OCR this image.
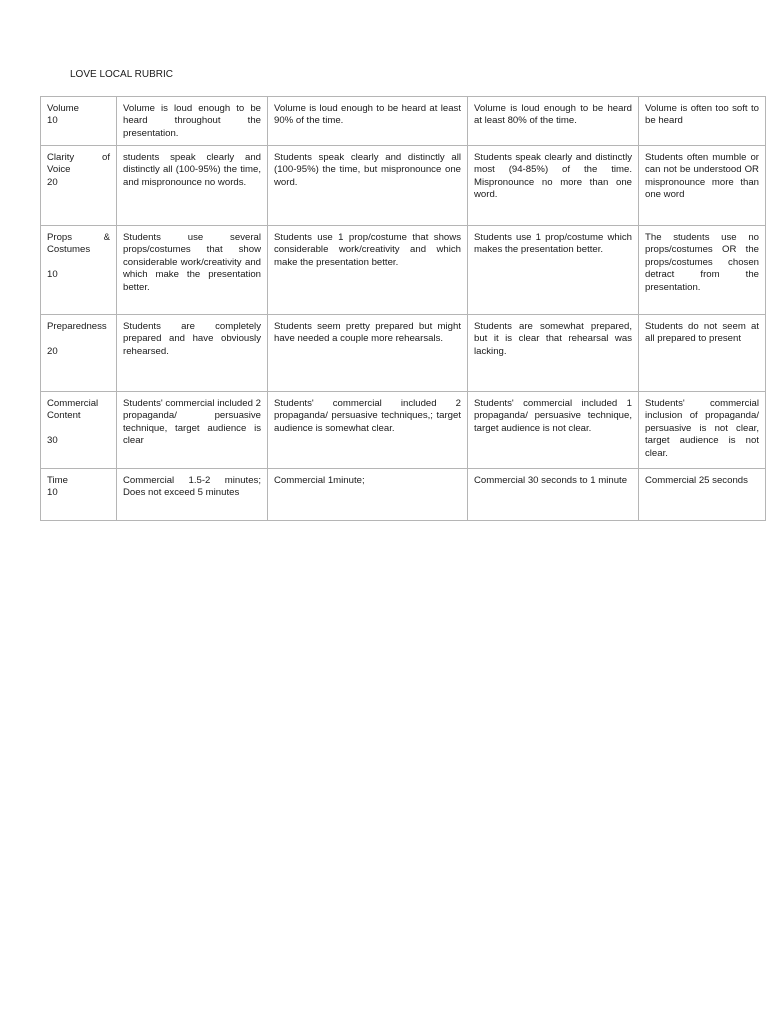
LOVE LOCAL RUBRIC
Volume
10	Volume is loud enough to be heard throughout the presentation.	Volume is loud enough to be heard at least 90% of the time.	Volume is loud enough to be heard at least 80% of the time.	Volume is often too soft to be heard

Clarity of Voice
20	students speak clearly and distinctly all (100-95%) the time, and mispronounce no words.	Students speak clearly and distinctly all (100-95%) the time, but mispronounce one word.	Students speak clearly and distinctly most (94-85%) of the time. Mispronounce no more than one word.	Students often mumble or can not be understood OR mispronounce more than one word

Props & Costumes
10	Students use several props/costumes that show considerable work/creativity and which make the presentation better.	Students use 1 prop/costume that shows considerable work/creativity and which make the presentation better.	Students use 1 prop/costume which makes the presentation better.	The students use no props/costumes OR the props/costumes chosen detract from the presentation.

Preparedness
20	Students are completely prepared and have obviously rehearsed.	Students seem pretty prepared but might have needed a couple more rehearsals.	Students are somewhat prepared, but it is clear that rehearsal was lacking.	Students do not seem at all prepared to present

Commercial Content
30	Students' commercial included 2 propaganda/ persuasive technique, target audience is clear	Students' commercial included 2 propaganda/ persuasive techniques,; target audience is somewhat clear.	Students' commercial included 1 propaganda/ persuasive technique, target audience is not clear.	Students' commercial inclusion of propaganda/ persuasive is not clear, target audience is not clear.

Time
10	Commercial 1.5-2 minutes; Does not exceed 5 minutes	Commercial 1minute;	Commercial 30 seconds to 1 minute	Commercial 25 seconds
